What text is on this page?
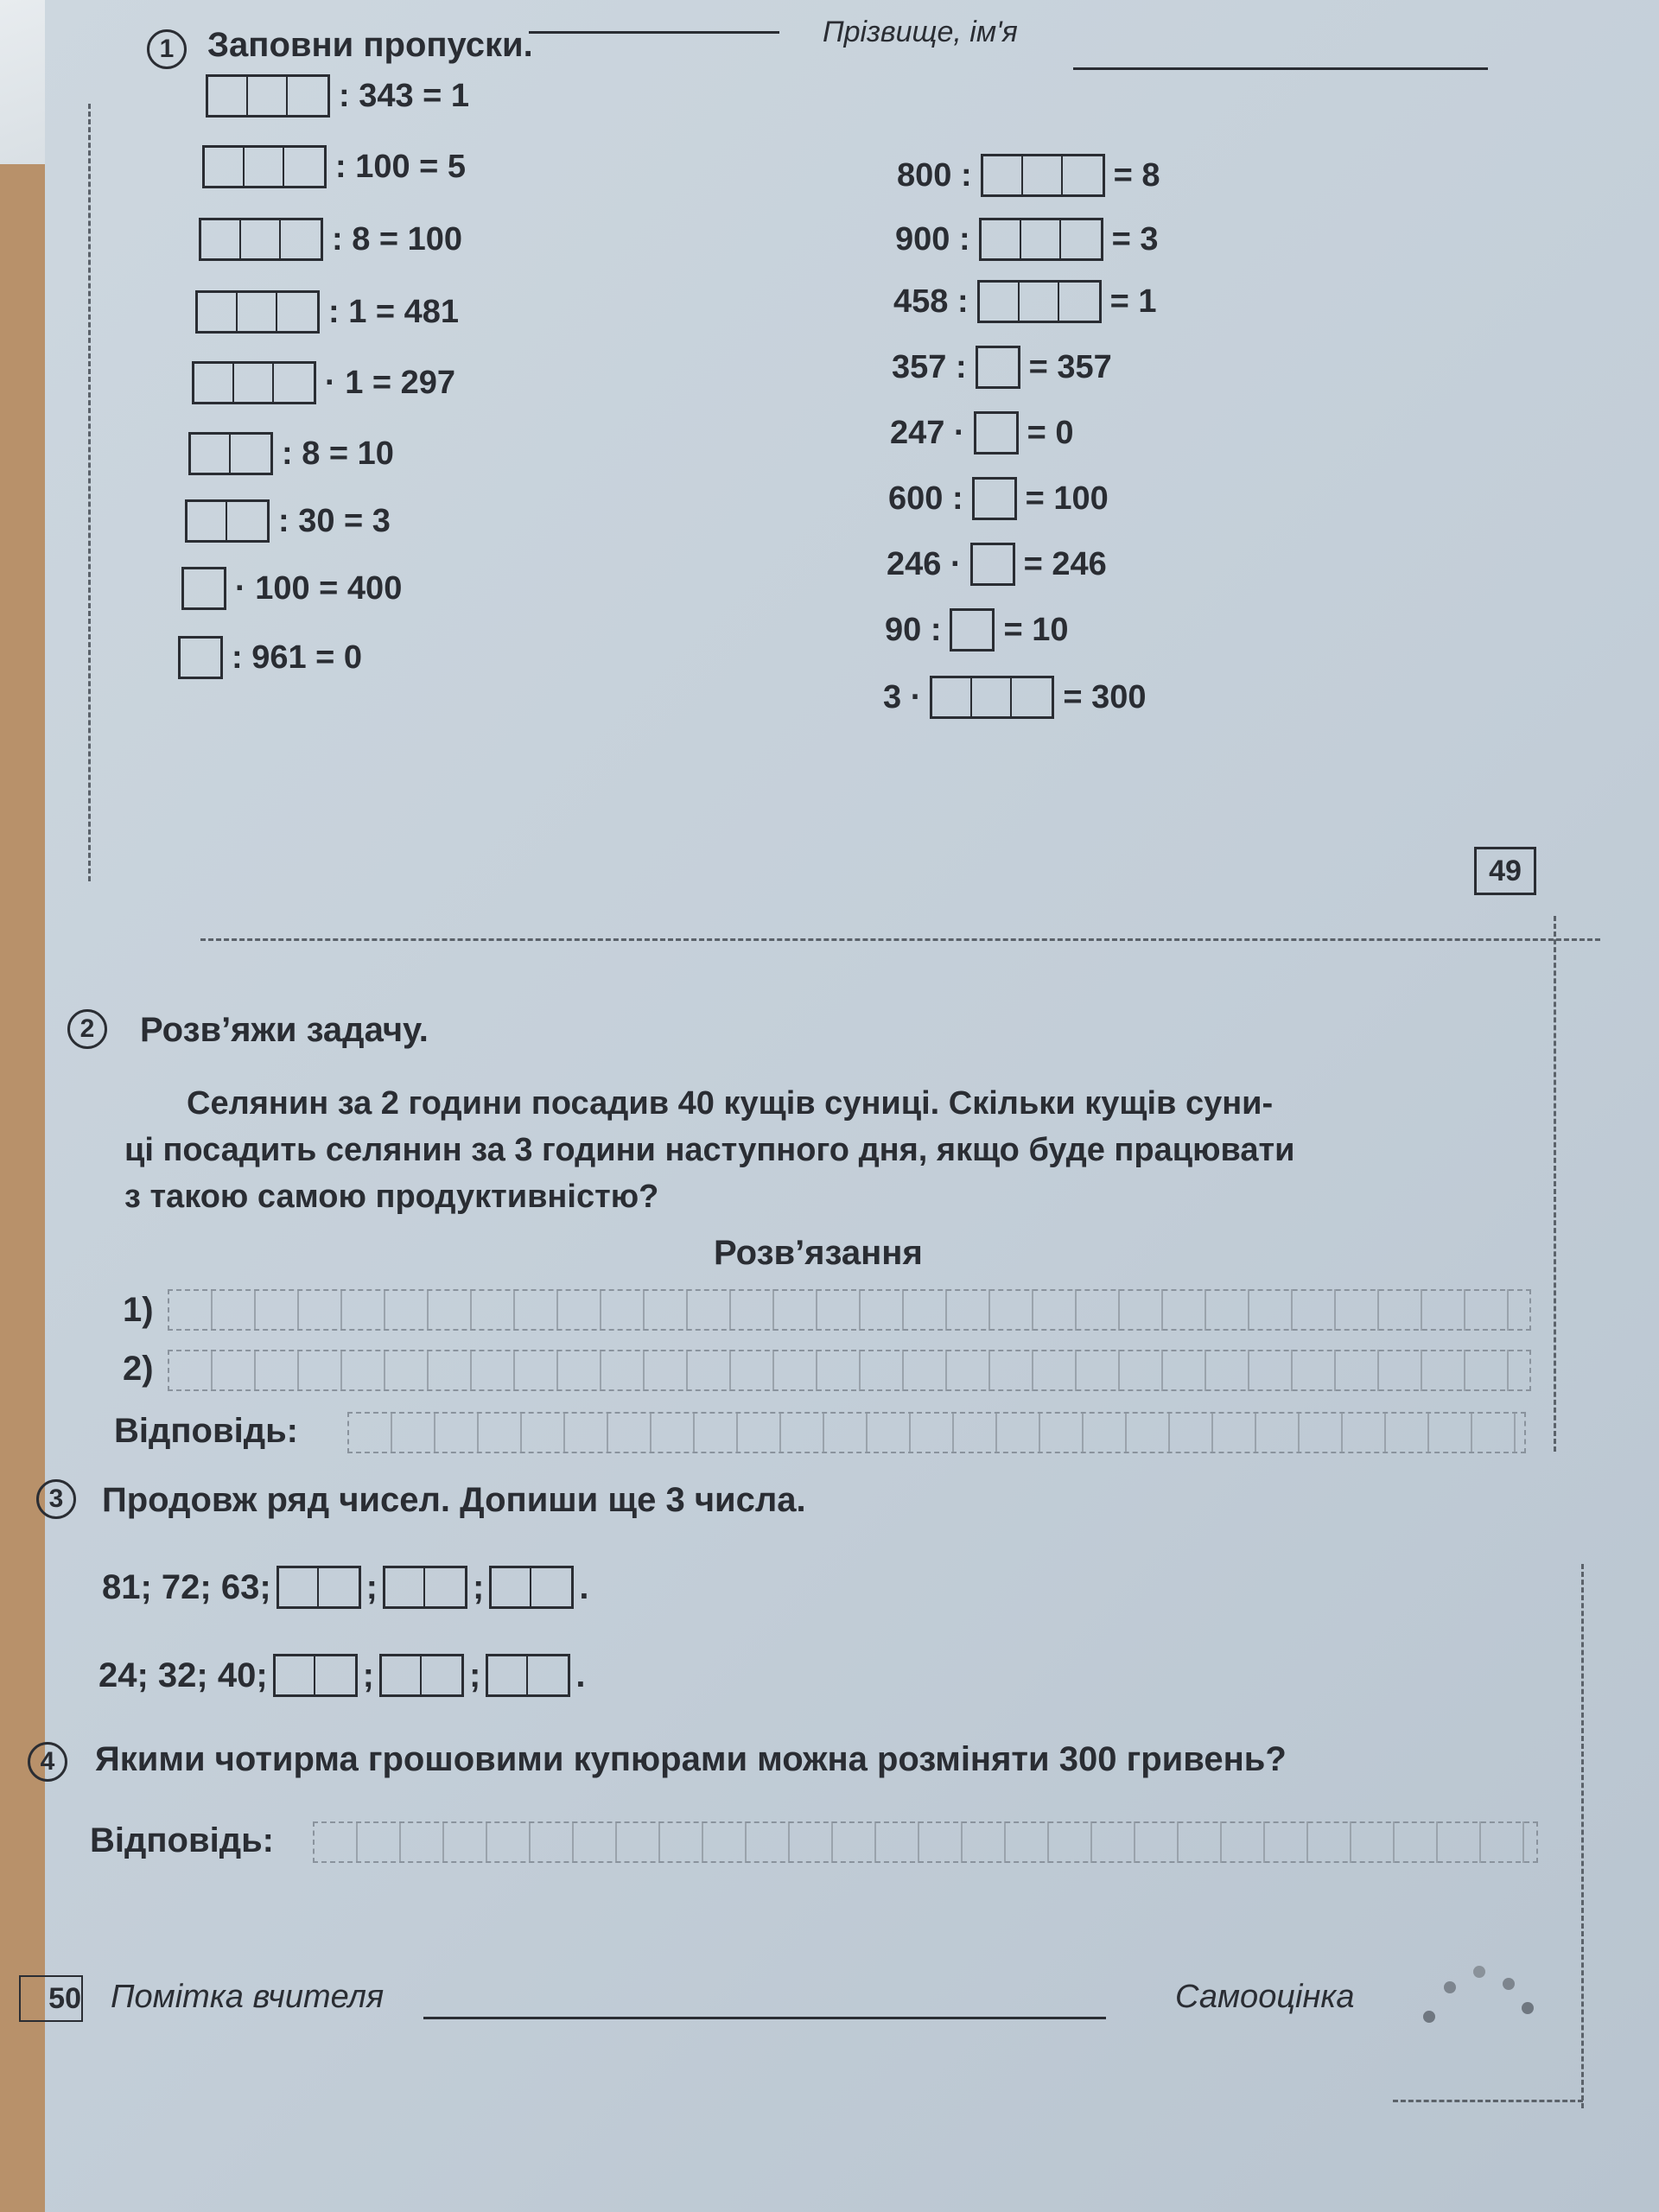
Прізвище, ім'я
1 Заповни пропуски.
: 343 = 1
: 100 = 5
: 8 = 100
: 1 = 481
· 1 = 297
: 8 = 10
: 30 = 3
· 100 = 400
: 961 = 0
800 :	= 8
900 :	= 3
458 :	= 1
357 : = 357
247 · = 0
600 : = 100
246 · = 246
90 : = 10
3 ·	= 300
49
2	Розв’яжи задачу.
Селянин за 2 години посадив 40 кущів суниці. Скільки кущів суни-
ці посадить селянин за 3 години наступного дня, якщо буде працювати
з такою самою продуктивністю?
Розв’язання
1)
2)
Відповідь:
3	Продовж ряд чисел. Допиши ще 3 числа.
81; 72; 63;	;	;	.
24; 32; 40;	;	;	.
4	Якими чотирма грошовими купюрами можна розміняти 300 гривень?
Відповідь:
50 Помітка вчителя	Самооцінка
